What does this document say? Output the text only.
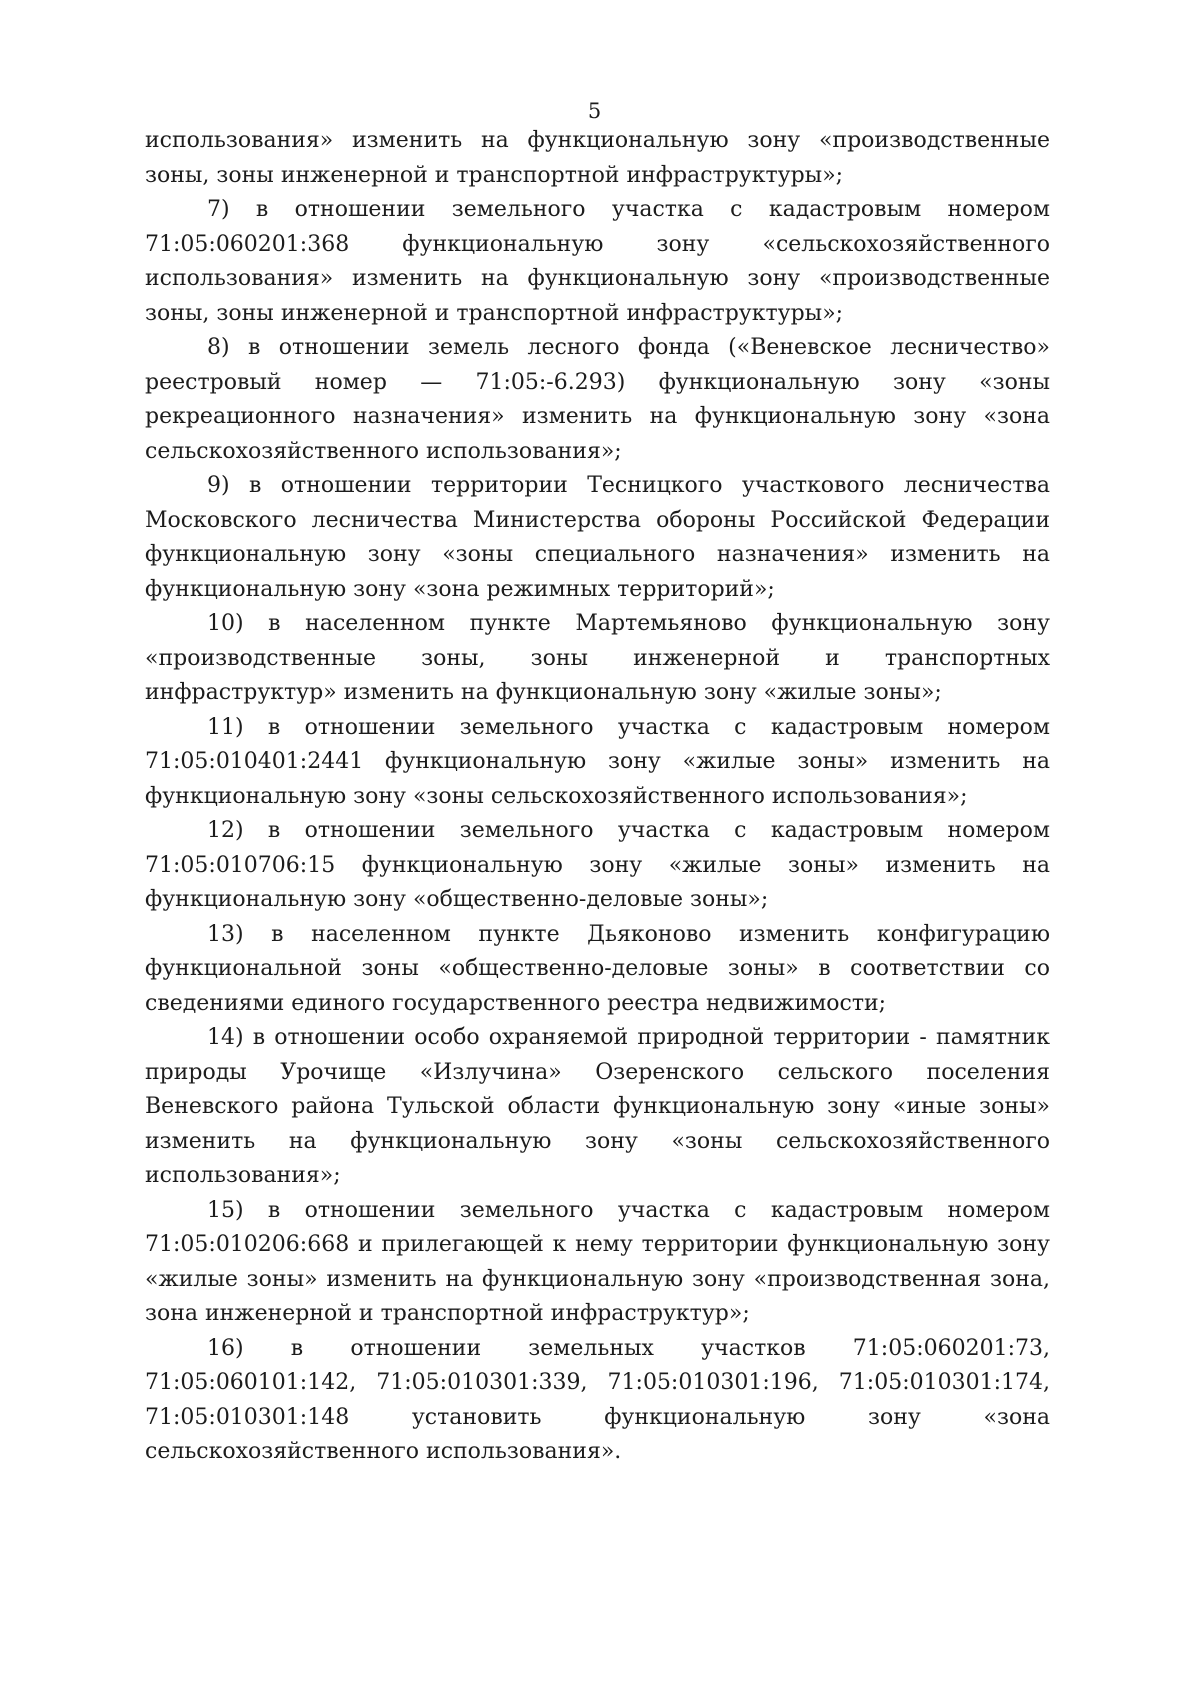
5

использования» изменить на функциональную зону «производственные зоны, зоны инженерной и транспортной инфраструктуры»;

7) в отношении земельного участка с кадастровым номером 71:05:060201:368 функциональную зону «сельскохозяйственного использования» изменить на функциональную зону «производственные зоны, зоны инженерной и транспортной инфраструктуры»;

8) в отношении земель лесного фонда («Веневское лесничество» реестровый номер — 71:05:-6.293) функциональную зону «зоны рекреационного назначения» изменить на функциональную зону «зона сельскохозяйственного использования»;

9) в отношении территории Тесницкого участкового лесничества Московского лесничества Министерства обороны Российской Федерации функциональную зону «зоны специального назначения» изменить на функциональную зону «зона режимных территорий»;

10) в населенном пункте Мартемьяново функциональную зону «производственные зоны, зоны инженерной и транспортных инфраструктур» изменить на функциональную зону «жилые зоны»;

11) в отношении земельного участка с кадастровым номером 71:05:010401:2441 функциональную зону «жилые зоны» изменить на функциональную зону «зоны сельскохозяйственного использования»;

12) в отношении земельного участка с кадастровым номером 71:05:010706:15 функциональную зону «жилые зоны» изменить на функциональную зону «общественно-деловые зоны»;

13) в населенном пункте Дьяконово изменить конфигурацию функциональной зоны «общественно-деловые зоны» в соответствии со сведениями единого государственного реестра недвижимости;

14) в отношении особо охраняемой природной территории - памятник природы Урочище «Излучина» Озеренского сельского поселения Веневского района Тульской области функциональную зону «иные зоны» изменить на функциональную зону «зоны сельскохозяйственного использования»;

15) в отношении земельного участка с кадастровым номером 71:05:010206:668 и прилегающей к нему территории функциональную зону «жилые зоны» изменить на функциональную зону «производственная зона, зона инженерной и транспортной инфраструктур»;

16) в отношении земельных участков 71:05:060201:73, 71:05:060101:142, 71:05:010301:339, 71:05:010301:196, 71:05:010301:174, 71:05:010301:148 установить функциональную зону «зона сельскохозяйственного использования».
